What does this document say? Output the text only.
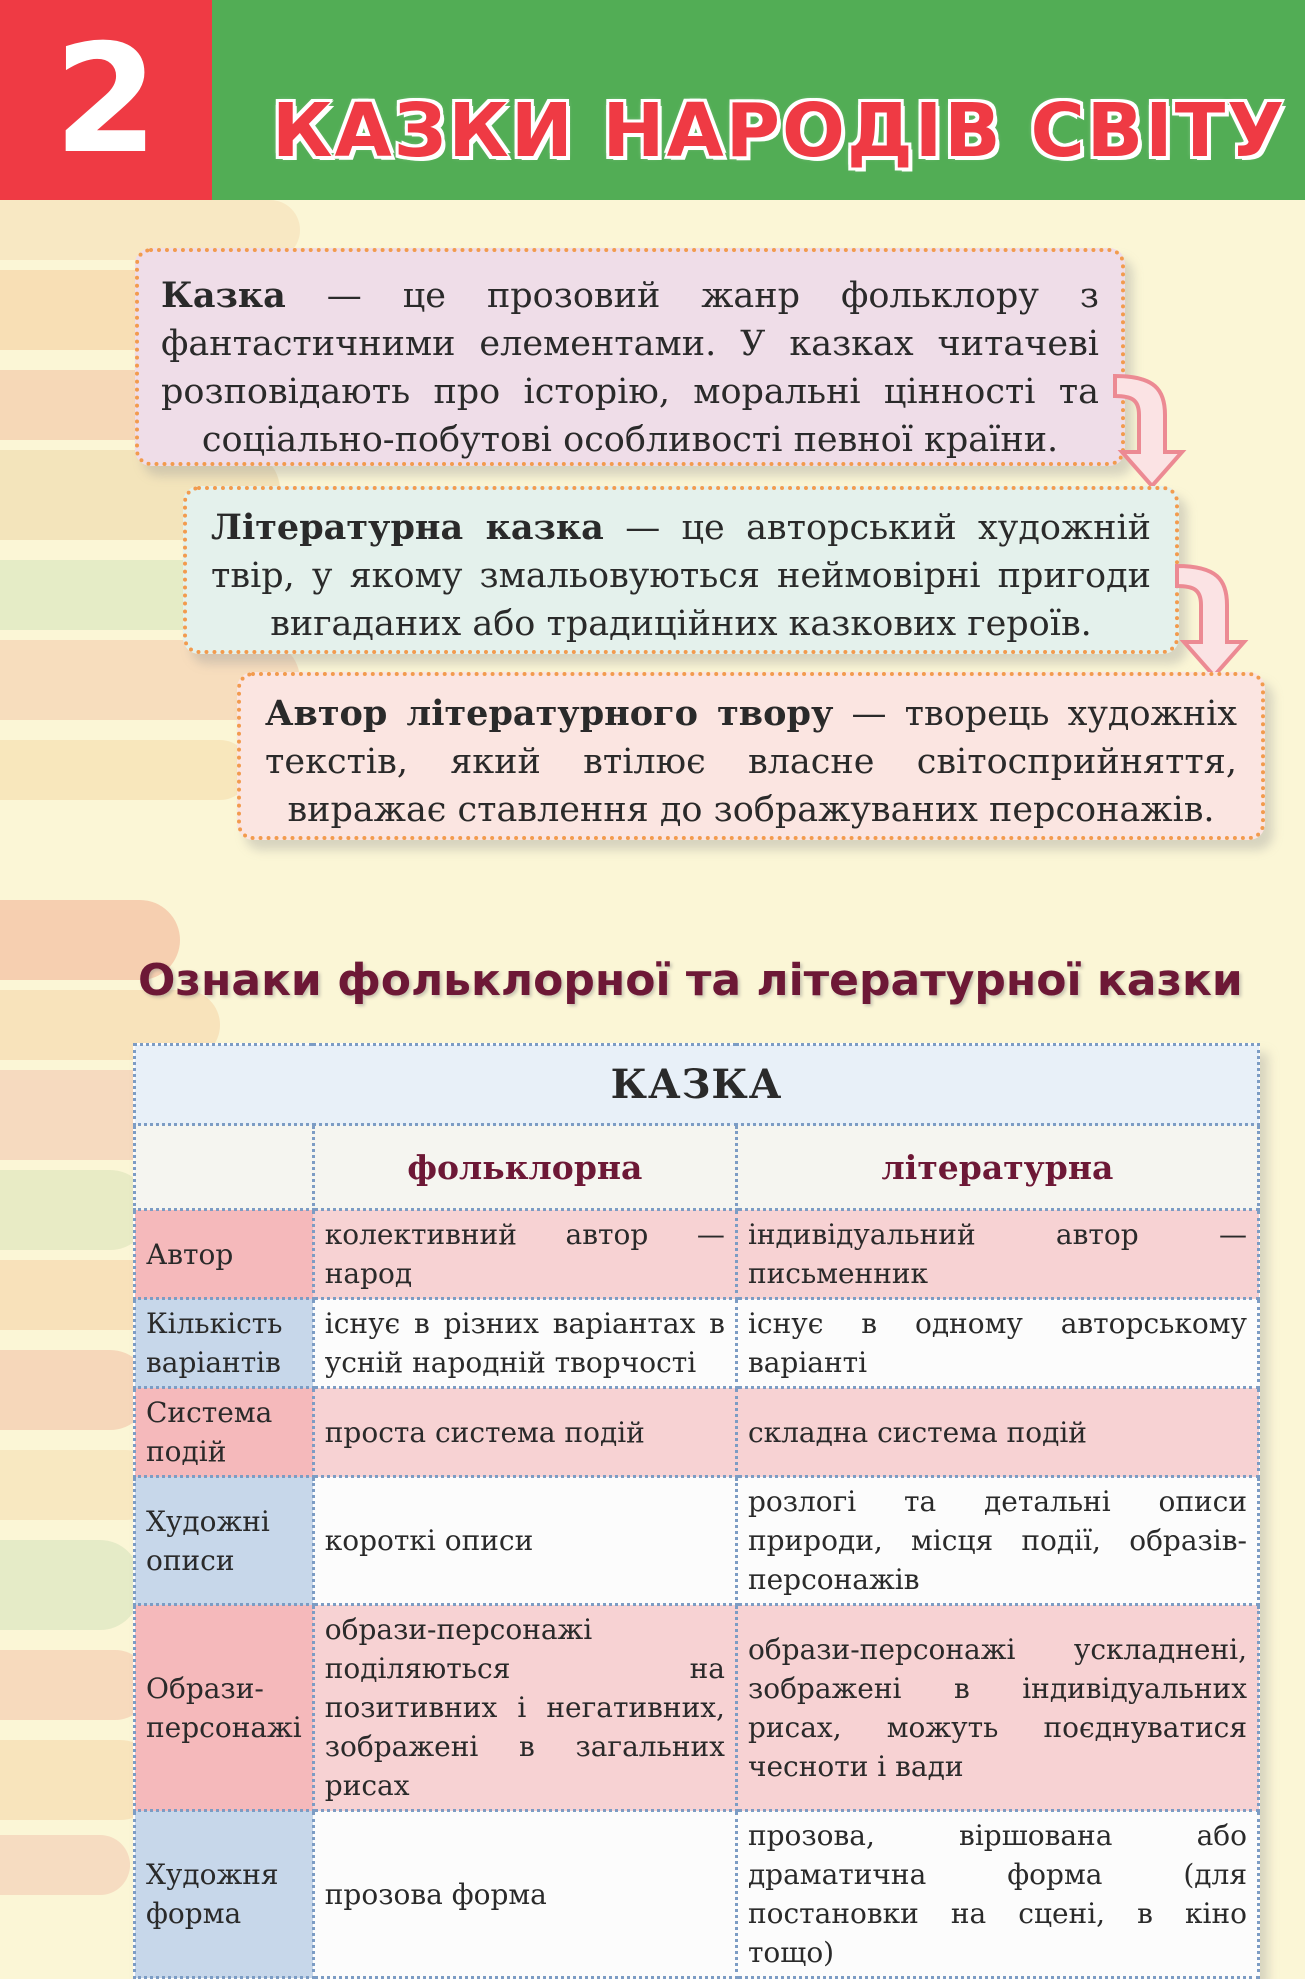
2	КАЗКИ НАРОДІВ СВІТУ

Казка — це прозовий жанр фольклору з фантастичними елементами. У казках читачеві розповідають про історію, моральні цінності та соціально-побутові особливості певної країни.

Літературна казка — це авторський художній твір, у якому змальовуються неймовірні пригоди вигаданих або традиційних казкових героїв.

Автор літературного твору — творець художніх текстів, який втілює власне світосприйняття, виражає ставлення до зображуваних персонажів.

Ознаки фольклорної та літературної казки
КАЗКА		
	фольклорна	літературна
Автор	колективний автор — народ	індивідуальний автор — письменник
Кількість варіантів	існує в різних варіантах в усній народній творчості	існує в одному авторському варіанті
Система подій	проста система подій	складна система подій
Художні описи	короткі описи	розлогі та детальні описи природи, місця події, образів-персонажів
Образи-персонажі	образи-персонажі поділяються на позитивних і негативних, зображені в загальних рисах	образи-персонажі ускладнені, зображені в індивідуальних рисах, можуть поєднуватися чесноти і вади
Художня форма	прозова форма	прозова, віршована або драматична форма (для постановки на сцені, в кіно тощо)
